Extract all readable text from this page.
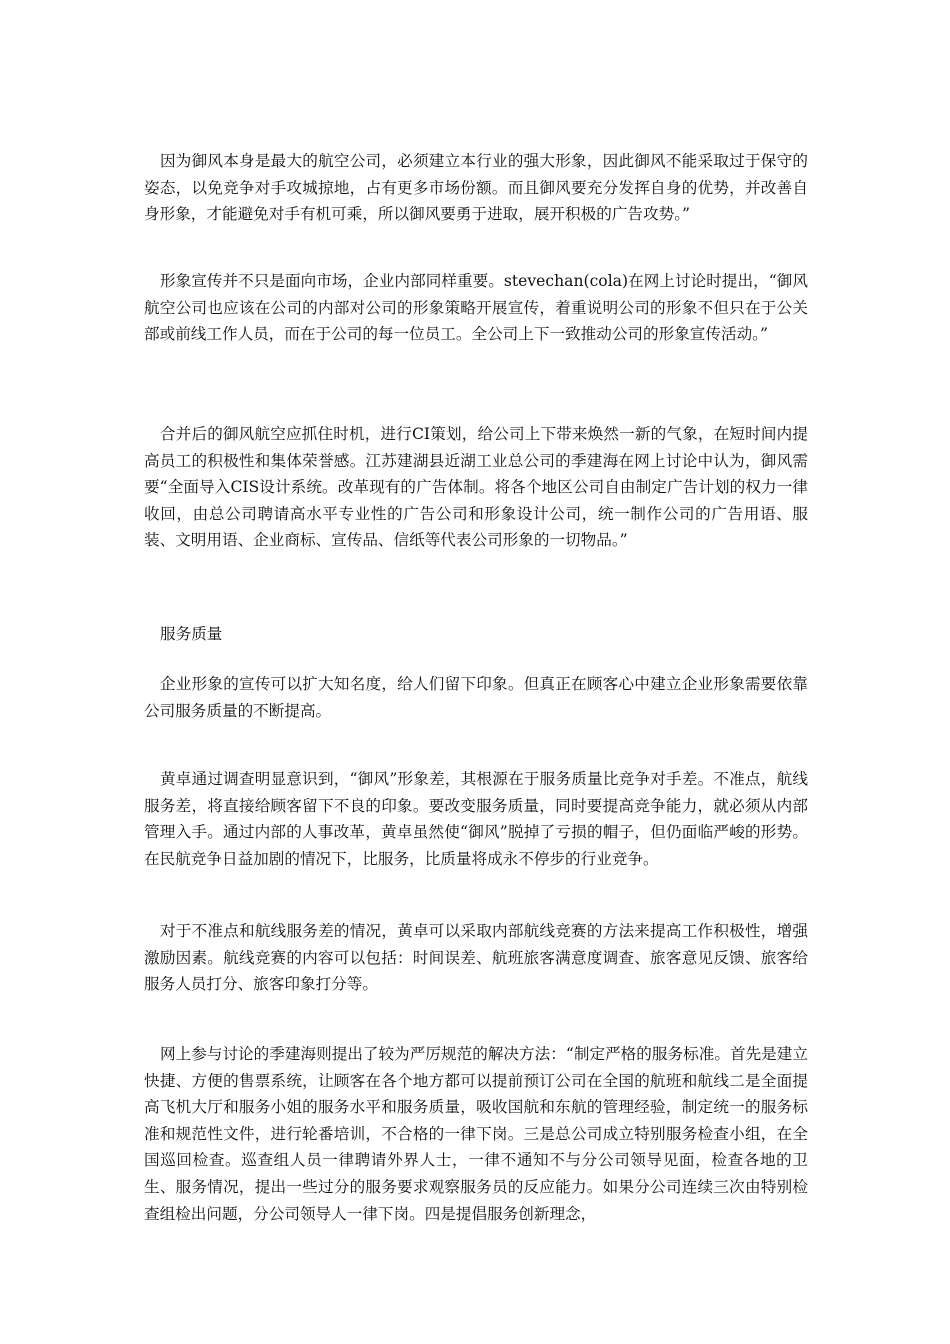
因为御风本身是最大的航空公司，必须建立本行业的强大形象，因此御风不能采取过于保守的姿态，以免竞争对手攻城掠地，占有更多市场份额。而且御风要充分发挥自身的优势，并改善自身形象，才能避免对手有机可乘，所以御风要勇于进取，展开积极的广告攻势。”

形象宣传并不只是面向市场，企业内部同样重要。stevechan(cola)在网上讨论时提出，“御风航空公司也应该在公司的内部对公司的形象策略开展宣传，着重说明公司的形象不但只在于公关部或前线工作人员，而在于公司的每一位员工。全公司上下一致推动公司的形象宣传活动。”

合并后的御风航空应抓住时机，进行CI策划，给公司上下带来焕然一新的气象，在短时间内提高员工的积极性和集体荣誉感。江苏建湖县近湖工业总公司的季建海在网上讨论中认为，御风需要“全面导入CIS设计系统。改革现有的广告体制。将各个地区公司自由制定广告计划的权力一律收回，由总公司聘请高水平专业性的广告公司和形象设计公司，统一制作公司的广告用语、服装、文明用语、企业商标、宣传品、信纸等代表公司形象的一切物品。”

服务质量

企业形象的宣传可以扩大知名度，给人们留下印象。但真正在顾客心中建立企业形象需要依靠公司服务质量的不断提高。

黄卓通过调查明显意识到，“御风”形象差，其根源在于服务质量比竞争对手差。不准点，航线服务差，将直接给顾客留下不良的印象。要改变服务质量，同时要提高竞争能力，就必须从内部管理入手。通过内部的人事改革，黄卓虽然使“御风”脱掉了亏损的帽子，但仍面临严峻的形势。在民航竞争日益加剧的情况下，比服务，比质量将成永不停步的行业竞争。

对于不准点和航线服务差的情况，黄卓可以采取内部航线竞赛的方法来提高工作积极性，增强激励因素。航线竞赛的内容可以包括：时间误差、航班旅客满意度调查、旅客意见反馈、旅客给服务人员打分、旅客印象打分等。

网上参与讨论的季建海则提出了较为严厉规范的解决方法：“制定严格的服务标准。首先是建立快捷、方便的售票系统，让顾客在各个地方都可以提前预订公司在全国的航班和航线二是全面提高飞机大厅和服务小姐的服务水平和服务质量，吸收国航和东航的管理经验，制定统一的服务标准和规范性文件，进行轮番培训，不合格的一律下岗。三是总公司成立特别服务检查小组，在全国巡回检查。巡查组人员一律聘请外界人士，一律不通知不与分公司领导见面，检查各地的卫生、服务情况，提出一些过分的服务要求观察服务员的反应能力。如果分公司连续三次由特别检查组检出问题，分公司领导人一律下岗。四是提倡服务创新理念，
